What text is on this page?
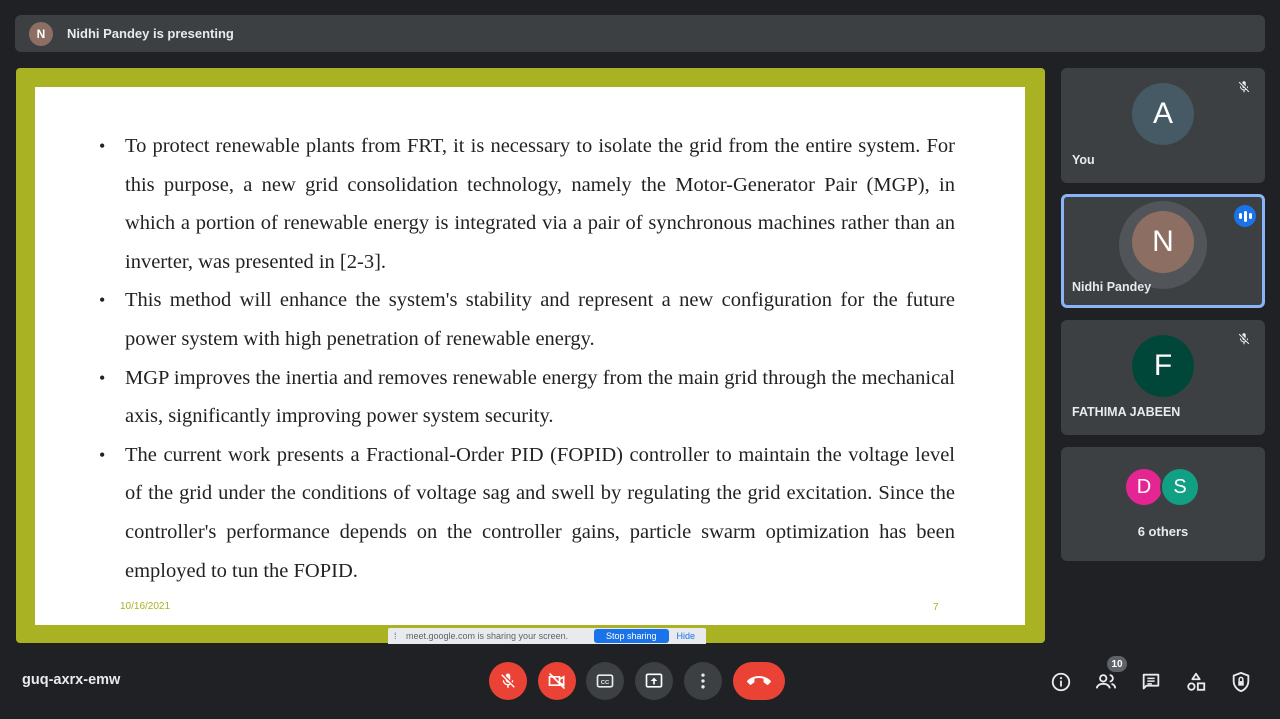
N	Nidhi Pandey is presenting
• To protect renewable plants from FRT, it is necessary to isolate the grid from the entire system. For this purpose, a new grid consolidation technology, namely the Motor-Generator Pair (MGP), in which a portion of renewable energy is integrated via a pair of synchronous machines rather than an inverter, was presented in [2-3].
• This method will enhance the system's stability and represent a new configuration for the future power system with high penetration of renewable energy.
• MGP improves the inertia and removes renewable energy from the main grid through the mechanical axis, significantly improving power system security.
• The current work presents a Fractional-Order PID (FOPID) controller to maintain the voltage level of the grid under the conditions of voltage sag and swell by regulating the grid excitation. Since the controller's performance depends on the controller gains, particle swarm optimization has been employed to tun the FOPID.
10/16/2021	7
⁞	meet.google.com is sharing your screen.	Stop sharing	Hide
A
You
N
Nidhi Pandey
F
FATHIMA JABEEN
D	S
6 others
guq-axrx-emw	CC
10
